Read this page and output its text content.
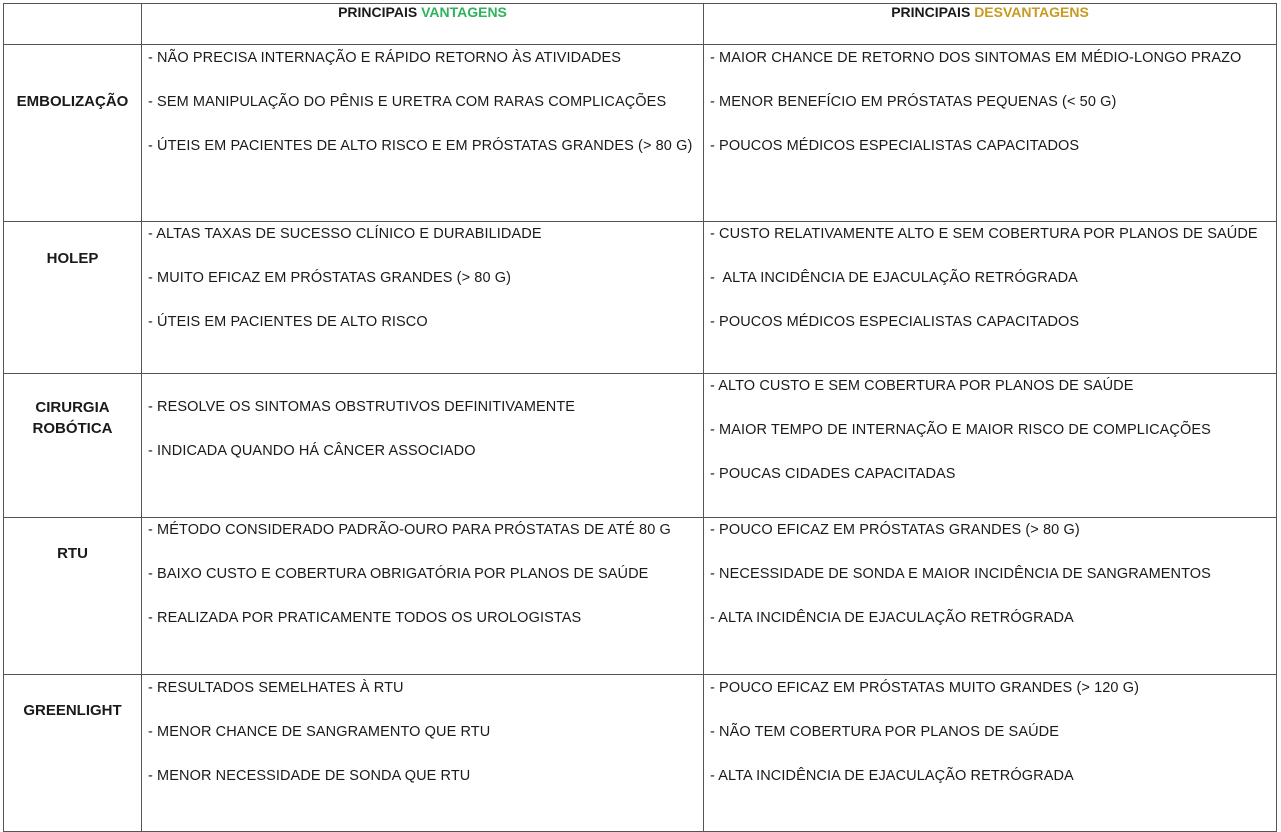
	PRINCIPAIS VANTAGENS	PRINCIPAIS DESVANTAGENS
EMBOLIZAÇÃO	- NÃO PRECISA INTERNAÇÃO E RÁPIDO RETORNO ÀS ATIVIDADES
- SEM MANIPULAÇÃO DO PÊNIS E URETRA COM RARAS COMPLICAÇÕES
- ÚTEIS EM PACIENTES DE ALTO RISCO E EM PRÓSTATAS GRANDES (> 80 G)	- MAIOR CHANCE DE RETORNO DOS SINTOMAS EM MÉDIO-LONGO PRAZO
- MENOR BENEFÍCIO EM PRÓSTATAS PEQUENAS (< 50 G)
- POUCOS MÉDICOS ESPECIALISTAS CAPACITADOS

HOLEP	- ALTAS TAXAS DE SUCESSO CLÍNICO E DURABILIDADE
- MUITO EFICAZ EM PRÓSTATAS GRANDES (> 80 G)
- ÚTEIS EM PACIENTES DE ALTO RISCO	- CUSTO RELATIVAMENTE ALTO E SEM COBERTURA POR PLANOS DE SAÚDE
-  ALTA INCIDÊNCIA DE EJACULAÇÃO RETRÓGRADA
- POUCOS MÉDICOS ESPECIALISTAS CAPACITADOS

CIRURGIA
ROBÓTICA	- RESOLVE OS SINTOMAS OBSTRUTIVOS DEFINITIVAMENTE
- INDICADA QUANDO HÁ CÂNCER ASSOCIADO	- ALTO CUSTO E SEM COBERTURA POR PLANOS DE SAÚDE
- MAIOR TEMPO DE INTERNAÇÃO E MAIOR RISCO DE COMPLICAÇÕES
- POUCAS CIDADES CAPACITADAS

RTU	- MÉTODO CONSIDERADO PADRÃO-OURO PARA PRÓSTATAS DE ATÉ 80 G
- BAIXO CUSTO E COBERTURA OBRIGATÓRIA POR PLANOS DE SAÚDE
- REALIZADA POR PRATICAMENTE TODOS OS UROLOGISTAS	- POUCO EFICAZ EM PRÓSTATAS GRANDES (> 80 G)
- NECESSIDADE DE SONDA E MAIOR INCIDÊNCIA DE SANGRAMENTOS
- ALTA INCIDÊNCIA DE EJACULAÇÃO RETRÓGRADA

GREENLIGHT	- RESULTADOS SEMELHATES À RTU
- MENOR CHANCE DE SANGRAMENTO QUE RTU
- MENOR NECESSIDADE DE SONDA QUE RTU	- POUCO EFICAZ EM PRÓSTATAS MUITO GRANDES (> 120 G)
- NÃO TEM COBERTURA POR PLANOS DE SAÚDE
- ALTA INCIDÊNCIA DE EJACULAÇÃO RETRÓGRADA
